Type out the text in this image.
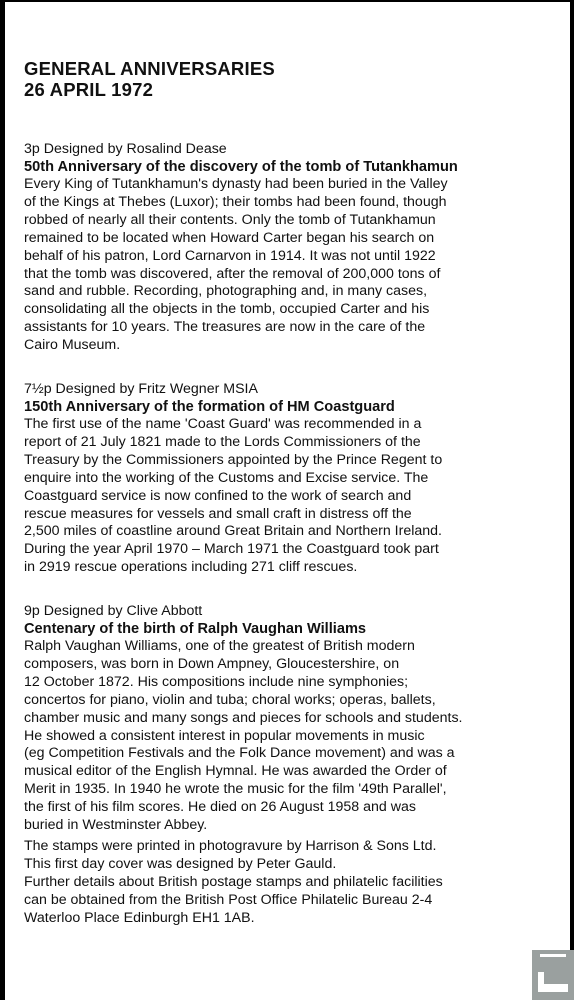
GENERAL ANNIVERSARIES

26 APRIL 1972

3p Designed by Rosalind Dease

50th Anniversary of the discovery of the tomb of Tutankhamun

Every King of Tutankhamun's dynasty had been buried in the Valley
of the Kings at Thebes (Luxor); their tombs had been found, though
robbed of nearly all their contents. Only the tomb of Tutankhamun
remained to be located when Howard Carter began his search on
behalf of his patron, Lord Carnarvon in 1914. It was not until 1922
that the tomb was discovered, after the removal of 200,000 tons of
sand and rubble. Recording, photographing and, in many cases,
consolidating all the objects in the tomb, occupied Carter and his
assistants for 10 years. The treasures are now in the care of the
Cairo Museum.

7½p Designed by Fritz Wegner MSIA

150th Anniversary of the formation of HM Coastguard

The first use of the name 'Coast Guard' was recommended in a
report of 21 July 1821 made to the Lords Commissioners of the
Treasury by the Commissioners appointed by the Prince Regent to
enquire into the working of the Customs and Excise service. The
Coastguard service is now confined to the work of search and
rescue measures for vessels and small craft in distress off the
2,500 miles of coastline around Great Britain and Northern Ireland.
During the year April 1970 – March 1971 the Coastguard took part
in 2919 rescue operations including 271 cliff rescues.

9p Designed by Clive Abbott

Centenary of the birth of Ralph Vaughan Williams

Ralph Vaughan Williams, one of the greatest of British modern
composers, was born in Down Ampney, Gloucestershire, on
12 October 1872. His compositions include nine symphonies;
concertos for piano, violin and tuba; choral works; operas, ballets,
chamber music and many songs and pieces for schools and students.
He showed a consistent interest in popular movements in music
(eg Competition Festivals and the Folk Dance movement) and was a
musical editor of the English Hymnal. He was awarded the Order of
Merit in 1935. In 1940 he wrote the music for the film '49th Parallel',
the first of his film scores. He died on 26 August 1958 and was
buried in Westminster Abbey.

The stamps were printed in photogravure by Harrison & Sons Ltd.
This first day cover was designed by Peter Gauld.
Further details about British postage stamps and philatelic facilities
can be obtained from the British Post Office Philatelic Bureau 2-4
Waterloo Place Edinburgh EH1 1AB.
